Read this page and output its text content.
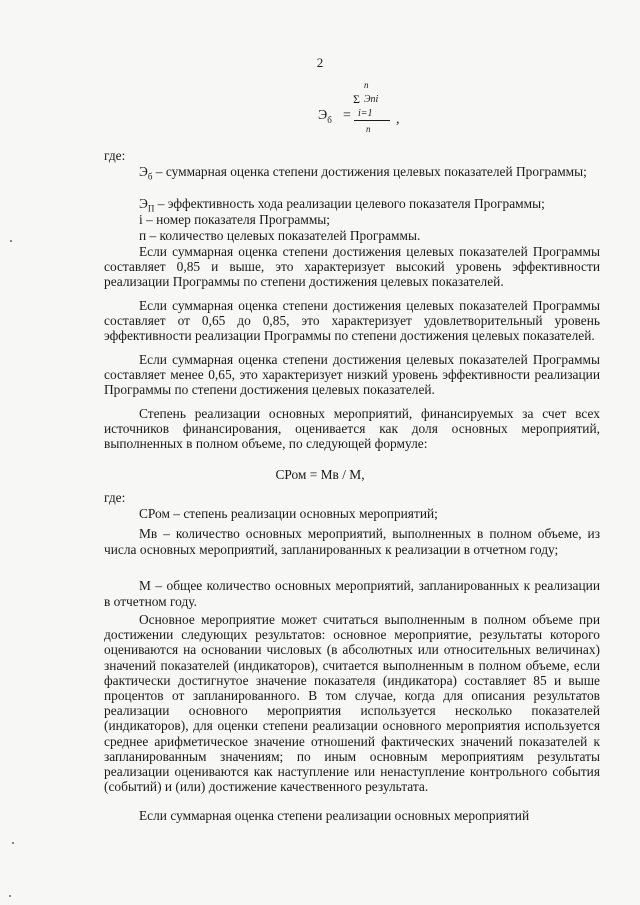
2
n
Σ Эпi
$Э_б = i=1$
n
,
где:

$Э_б$ – суммарная оценка степени достижения целевых показателей Программы;

$Э_П$ – эффективность хода реализации целевого показателя Программы;

i – номер показателя Программы;

п – количество целевых показателей Программы.

Если суммарная оценка степени достижения целевых показателей Программы составляет 0,85 и выше, это характеризует высокий уровень эффективности реализации Программы по степени достижения целевых показателей.

Если суммарная оценка степени достижения целевых показателей Программы составляет от 0,65 до 0,85, это характеризует удовлетворительный уровень эффективности реализации Программы по степени достижения целевых показателей.

Если суммарная оценка степени достижения целевых показателей Программы составляет менее 0,65, это характеризует низкий уровень эффективности реализации Программы по степени достижения целевых показателей.

Степень реализации основных мероприятий, финансируемых за счет всех источников финансирования, оценивается как доля основных мероприятий, выполненных в полном объеме, по следующей формуле:

СРом = Мв / М,
где:

СРом – степень реализации основных мероприятий;

Мв – количество основных мероприятий, выполненных в полном объеме, из числа основных мероприятий, запланированных к реализации в отчетном году;

М – общее количество основных мероприятий, запланированных к реализации в отчетном году.

Основное мероприятие может считаться выполненным в полном объеме при достижении следующих результатов: основное мероприятие, результаты которого оцениваются на основании числовых (в абсолютных или относительных величинах) значений показателей (индикаторов), считается выполненным в полном объеме, если фактически достигнутое значение показателя (индикатора) составляет 85 и выше процентов от запланированного. В том случае, когда для описания результатов реализации основного мероприятия используется несколько показателей (индикаторов), для оценки степени реализации основного мероприятия используется среднее арифметическое значение отношений фактических значений показателей к запланированным значениям; по иным основным мероприятиям результаты реализации оцениваются как наступление или ненаступление контрольного события (событий) и (или) достижение качественного результата.

Если суммарная оценка степени реализации основных мероприятий
